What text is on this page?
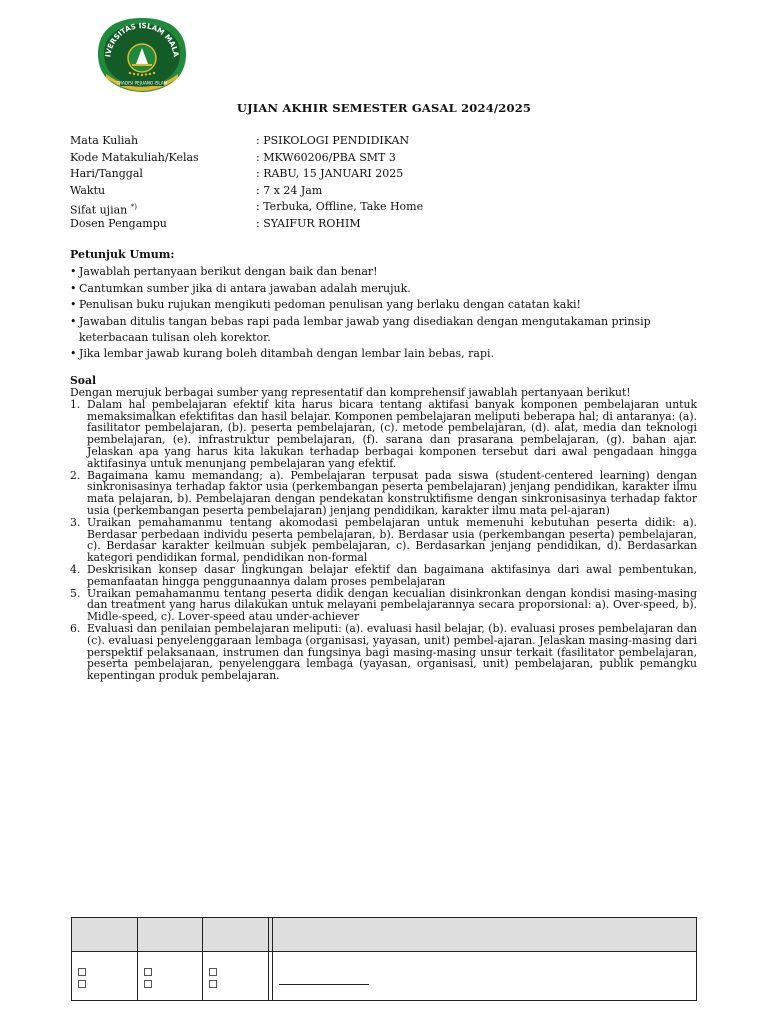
IVERSITAS ISLAM MALA
TRADISI PEJUANG ISLAM
UJIAN AKHIR SEMESTER GASAL 2024/2025
Mata Kuliah	: PSIKOLOGI PENDIDIKAN
Kode Matakuliah/Kelas	: MKW60206/PBA SMT 3
Hari/Tanggal	: RABU, 15 JANUARI 2025
Waktu	: 7 x 24 Jam
Sifat ujian *)	: Terbuka, Offline, Take Home
Dosen Pengampu	: SYAIFUR ROHIM
Petunjuk Umum:
• Jawablah pertanyaan berikut dengan baik dan benar!
• Cantumkan sumber jika di antara jawaban adalah merujuk.
• Penulisan buku rujukan mengikuti pedoman penulisan yang berlaku dengan catatan kaki!
• Jawaban ditulis tangan bebas rapi pada lembar jawab yang disediakan dengan mengutakaman prinsip keterbacaan tulisan oleh korektor.
• Jika lembar jawab kurang boleh ditambah dengan lembar lain bebas, rapi.
Soal
Dengan merujuk berbagai sumber yang representatif dan komprehensif jawablah pertanyaan berikut!
1. Dalam hal pembelajaran efektif kita harus bicara tentang aktifasi banyak komponen pembelajaran untuk memaksimalkan efektifitas dan hasil belajar. Komponen pembelajaran meliputi beberapa hal; di antaranya: (a). fasilitator pembelajaran, (b). peserta pembelajaran, (c). metode pembelajaran, (d). alat, media dan teknologi pembelajaran, (e). infrastruktur pembelajaran, (f). sarana dan prasarana pembelajaran, (g). bahan ajar. Jelaskan apa yang harus kita lakukan terhadap berbagai komponen tersebut dari awal pengadaan hingga aktifasinya untuk menunjang pembelajaran yang efektif.
2. Bagaimana kamu memandang; a). Pembelajaran terpusat pada siswa (student-centered learning) dengan sinkronisasinya terhadap faktor usia (perkembangan peserta pembelajaran) jenjang pendidikan, karakter ilmu mata pelajaran, b). Pembelajaran dengan pendekatan konstruktifisme dengan sinkronisasinya terhadap faktor usia (perkembangan peserta pembelajaran) jenjang pendidikan, karakter ilmu mata pel-ajaran)
3. Uraikan pemahamanmu tentang akomodasi pembelajaran untuk memenuhi kebutuhan peserta didik: a). Berdasar perbedaan individu peserta pembelajaran, b). Berdasar usia (perkembangan peserta) pembelajaran, c). Berdasar karakter keilmuan subjek pembelajaran, c). Berdasarkan jenjang pendidikan, d). Berdasarkan kategori pendidikan formal, pendidikan non-formal
4. Deskrisikan konsep dasar lingkungan belajar efektif dan bagaimana aktifasinya dari awal pembentukan, pemanfaatan hingga penggunaannya dalam proses pembelajaran
5. Uraikan pemahamanmu tentang peserta didik dengan kecualian disinkronkan dengan kondisi masing-masing dan treatment yang harus dilakukan untuk melayani pembelajarannya secara proporsional: a). Over-speed, b). Midle-speed, c). Lover-speed atau under-achiever
6. Evaluasi dan penilaian pembelajaran meliputi: (a). evaluasi hasil belajar, (b). evaluasi proses pembelajaran dan (c). evaluasi penyelenggaraan lembaga (organisasi, yayasan, unit) pembel-ajaran. Jelaskan masing-masing dari perspektif pelaksanaan, instrumen dan fungsinya bagi masing-masing unsur terkait (fasilitator pembelajaran, peserta pembelajaran, penyelenggara lembaga (yayasan, organisasi, unit) pembelajaran, publik pemangku kepentingan produk pembelajaran.
